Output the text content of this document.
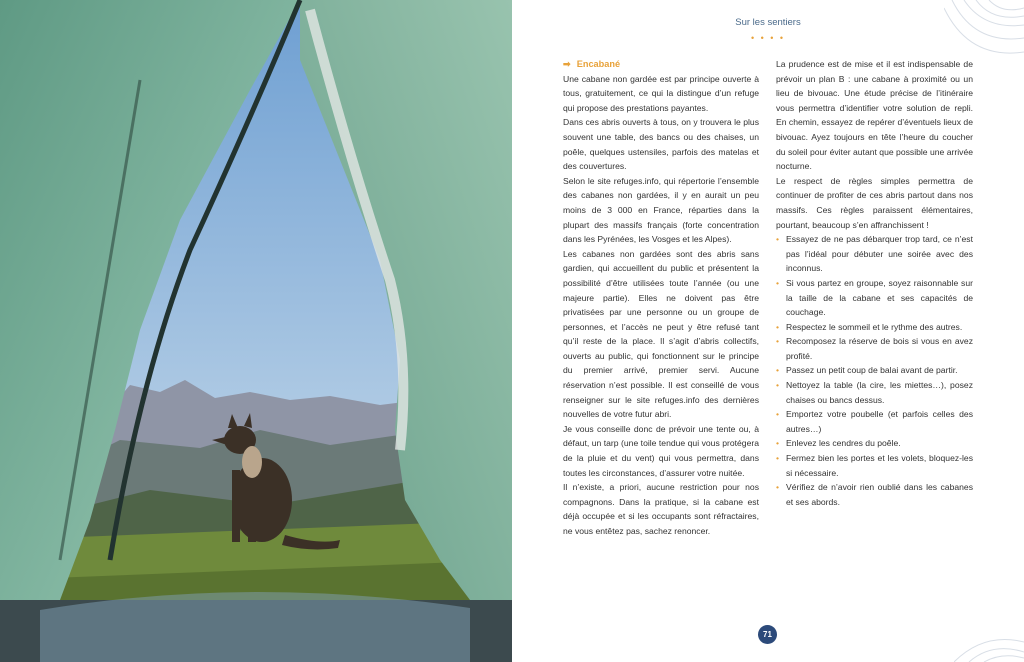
Sur les sentiers
• • • •

➡ Encabané

Une cabane non gardée est par principe ouverte à tous, gratuitement, ce qui la distingue d’un refuge qui propose des prestations payantes.

Dans ces abris ouverts à tous, on y trouvera le plus souvent une table, des bancs ou des chaises, un poêle, quelques ustensiles, parfois des matelas et des couvertures.

Selon le site refuges.info, qui répertorie l’ensemble des cabanes non gardées, il y en aurait un peu moins de 3 000 en France, réparties dans la plupart des massifs français (forte concentration dans les Pyrénées, les Vosges et les Alpes).

Les cabanes non gardées sont des abris sans gardien, qui accueillent du public et présentent la possibilité d’être utilisées toute l’année (ou une majeure partie). Elles ne doivent pas être privatisées par une personne ou un groupe de personnes, et l’accès ne peut y être refusé tant qu’il reste de la place. Il s’agit d’abris collectifs, ouverts au public, qui fonctionnent sur le principe du premier arrivé, premier servi. Aucune réservation n’est possible. Il est conseillé de vous renseigner sur le site refuges.info des dernières nouvelles de votre futur abri.

Je vous conseille donc de prévoir une tente ou, à défaut, un tarp (une toile tendue qui vous protégera de la pluie et du vent) qui vous permettra, dans toutes les circonstances, d’assurer votre nuitée.

Il n’existe, a priori, aucune restriction pour nos compagnons. Dans la pratique, si la cabane est déjà occupée et si les occupants sont réfractaires, ne vous entêtez pas, sachez renoncer.

La prudence est de mise et il est indispensable de prévoir un plan B : une cabane à proximité ou un lieu de bivouac. Une étude précise de l’itinéraire vous permettra d’identifier votre solution de repli. En chemin, essayez de repérer d’éventuels lieux de bivouac. Ayez toujours en tête l’heure du coucher du soleil pour éviter autant que possible une arrivée nocturne.

Le respect de règles simples permettra de continuer de profiter de ces abris partout dans nos massifs. Ces règles paraissent élémentaires, pourtant, beaucoup s’en affranchissent !

• Essayez de ne pas débarquer trop tard, ce n’est pas l’idéal pour débuter une soirée avec des inconnus.
• Si vous partez en groupe, soyez raisonnable sur la taille de la cabane et ses capacités de couchage.
• Respectez le sommeil et le rythme des autres.
• Recomposez la réserve de bois si vous en avez profité.
• Passez un petit coup de balai avant de partir.
• Nettoyez la table (la cire, les miettes…), posez chaises ou bancs dessus.
• Emportez votre poubelle (et parfois celles des autres…)
• Enlevez les cendres du poêle.
• Fermez bien les portes et les volets, bloquez-les si nécessaire.
• Vérifiez de n’avoir rien oublié dans les cabanes et ses abords.
71
